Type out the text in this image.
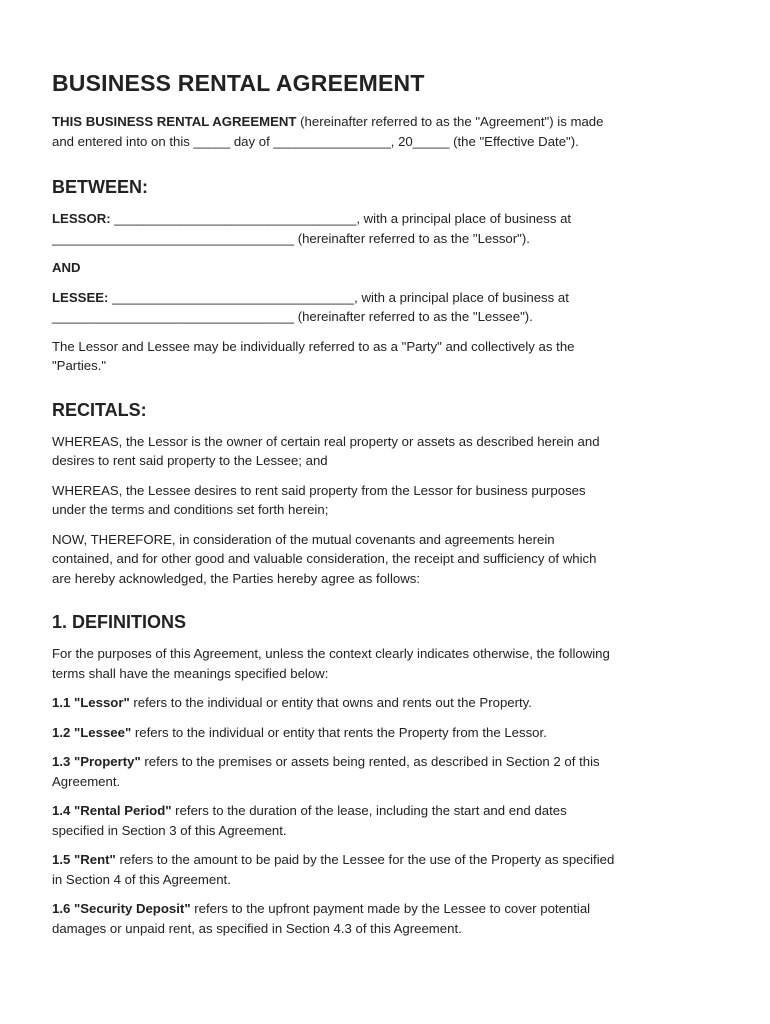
BUSINESS RENTAL AGREEMENT

THIS BUSINESS RENTAL AGREEMENT (hereinafter referred to as the "Agreement") is made
and entered into on this _____ day of ________________, 20_____ (the "Effective Date").

BETWEEN:

LESSOR: _________________________________, with a principal place of business at
_________________________________ (hereinafter referred to as the "Lessor").

AND

LESSEE: _________________________________, with a principal place of business at
_________________________________ (hereinafter referred to as the "Lessee").

The Lessor and Lessee may be individually referred to as a "Party" and collectively as the
"Parties."

RECITALS:

WHEREAS, the Lessor is the owner of certain real property or assets as described herein and
desires to rent said property to the Lessee; and

WHEREAS, the Lessee desires to rent said property from the Lessor for business purposes
under the terms and conditions set forth herein;

NOW, THEREFORE, in consideration of the mutual covenants and agreements herein
contained, and for other good and valuable consideration, the receipt and sufficiency of which
are hereby acknowledged, the Parties hereby agree as follows:

1. DEFINITIONS

For the purposes of this Agreement, unless the context clearly indicates otherwise, the following
terms shall have the meanings specified below:

1.1 "Lessor" refers to the individual or entity that owns and rents out the Property.

1.2 "Lessee" refers to the individual or entity that rents the Property from the Lessor.

1.3 "Property" refers to the premises or assets being rented, as described in Section 2 of this
Agreement.

1.4 "Rental Period" refers to the duration of the lease, including the start and end dates
specified in Section 3 of this Agreement.

1.5 "Rent" refers to the amount to be paid by the Lessee for the use of the Property as specified
in Section 4 of this Agreement.

1.6 "Security Deposit" refers to the upfront payment made by the Lessee to cover potential
damages or unpaid rent, as specified in Section 4.3 of this Agreement.
